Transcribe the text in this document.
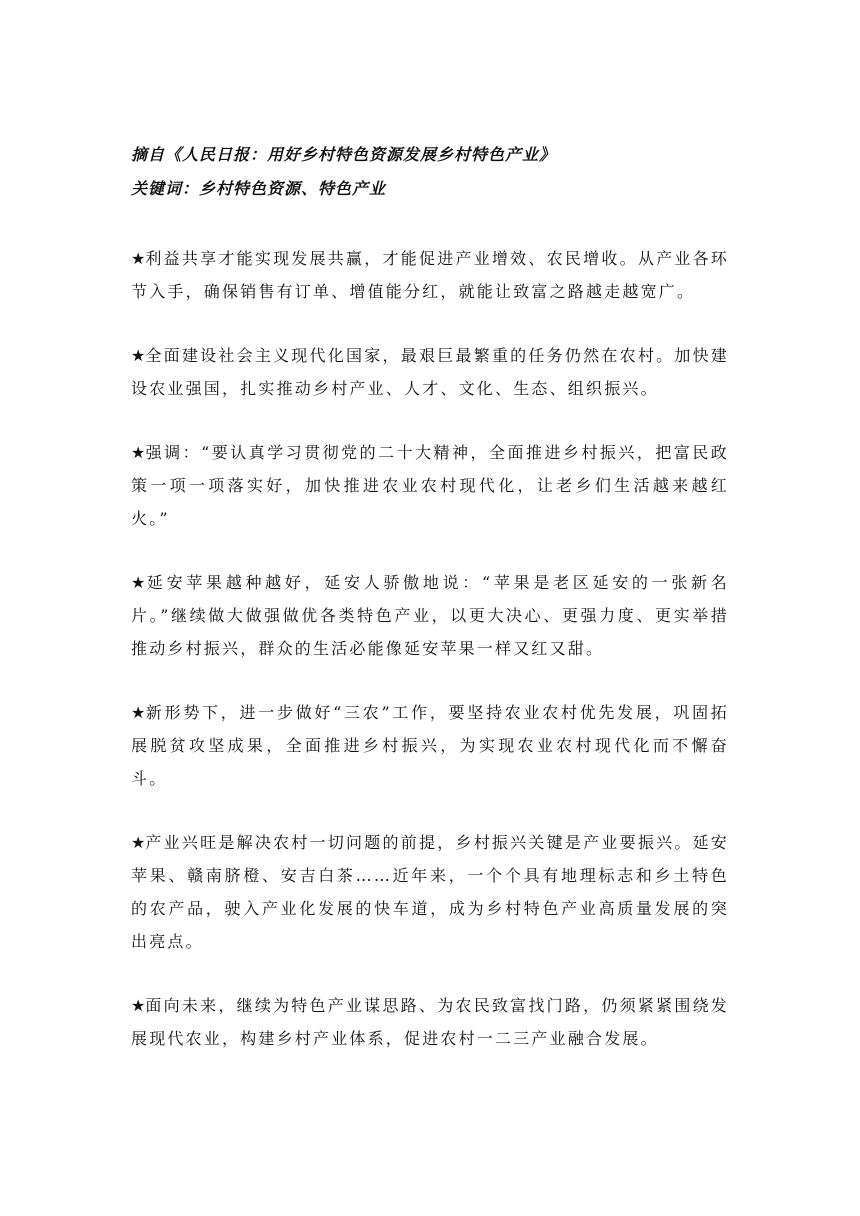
摘自《人民日报：用好乡村特色资源发展乡村特色产业》
关键词：乡村特色资源、特色产业

★利益共享才能实现发展共赢，才能促进产业增效、农民增收。从产业各环节入手，确保销售有订单、增值能分红，就能让致富之路越走越宽广。

★全面建设社会主义现代化国家，最艰巨最繁重的任务仍然在农村。加快建设农业强国，扎实推动乡村产业、人才、文化、生态、组织振兴。

★强调：“要认真学习贯彻党的二十大精神，全面推进乡村振兴，把富民政策一项一项落实好，加快推进农业农村现代化，让老乡们生活越来越红火。”

★延安苹果越种越好，延安人骄傲地说：“苹果是老区延安的一张新名片。”继续做大做强做优各类特色产业，以更大决心、更强力度、更实举措推动乡村振兴，群众的生活必能像延安苹果一样又红又甜。

★新形势下，进一步做好“三农”工作，要坚持农业农村优先发展，巩固拓展脱贫攻坚成果，全面推进乡村振兴，为实现农业农村现代化而不懈奋斗。

★产业兴旺是解决农村一切问题的前提，乡村振兴关键是产业要振兴。延安苹果、赣南脐橙、安吉白茶……近年来，一个个具有地理标志和乡土特色的农产品，驶入产业化发展的快车道，成为乡村特色产业高质量发展的突出亮点。

★面向未来，继续为特色产业谋思路、为农民致富找门路，仍须紧紧围绕发展现代农业，构建乡村产业体系，促进农村一二三产业融合发展。
